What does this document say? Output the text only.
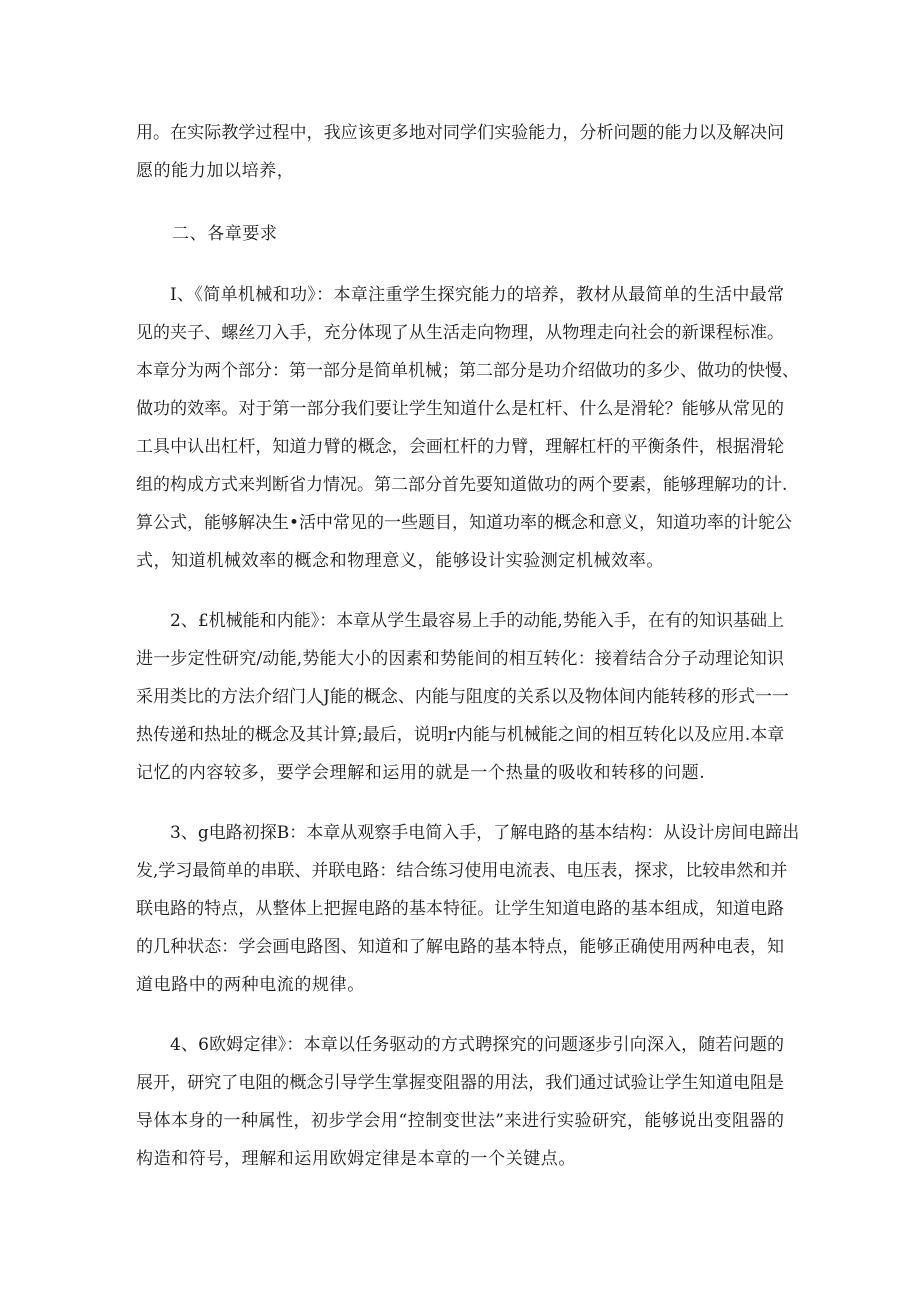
用。在实际教学过程中，我应该更多地对同学们实验能力，分析问题的能力以及解决问

愿的能力加以培养，

二、各章要求

I、《简单机械和功》：本章注重学生探究能力的培养，教材从最简单的生活中最常

见的夹子、螺丝刀入手，充分体现了从生活走向物理，从物理走向社会的新课程标准。

本章分为两个部分：第一部分是简单机械；第二部分是功介绍做功的多少、做功的快慢、

做功的效率。对于第一部分我们要让学生知道什么是杠杆、什么是滑轮？能够从常见的

工具中认出杠杆，知道力臂的概念，会画杠杆的力臂，理解杠杆的平衡条件，根据滑轮

组的构成方式来判断省力情况。第二部分首先要知道做功的两个要素，能够理解功的计.

算公式，能够解决生•活中常见的一些题目，知道功率的概念和意义，知道功率的计鸵公

式，知道机械效率的概念和物理意义，能够设计实验测定机械效率。

2、£机械能和内能》：本章从学生最容易上手的动能,势能入手，在有的知识基础上

进一步定性研究/动能,势能大小的因素和势能间的相互转化：接着结合分子动理论知识

采用类比的方法介绍门人J能的概念、内能与阻度的关系以及物体间内能转移的形式一一

热传递和热址的概念及其计算;最后，说明r内能与机械能之间的相互转化以及应用.本章

记忆的内容较多，要学会理解和运用的就是一个热量的吸收和转移的问题.

3、g电路初探B：本章从观察手电简入手，了解电路的基本结构：从设计房间电蹄出

发,学习最简单的串联、并联电路：结合练习使用电流表、电压表，探求，比较串然和并

联电路的特点，从整体上把握电路的基本特征。让学生知道电路的基本组成，知道电路

的几种状态：学会画电路图、知道和了解电路的基本特点，能够正确使用两种电表，知

道电路中的两种电流的规律。

4、6欧姆定律》：本章以任务驱动的方式聘探究的问题逐步引向深入，随若问题的

展开，研究了电阻的概念引导学生掌握变阻器的用法，我们通过试验让学生知道电阻是

导体本身的一种属性，初步学会用“控制变世法”来进行实验研究，能够说出变阻器的

构造和符号，理解和运用欧姆定律是本章的一个关键点。
